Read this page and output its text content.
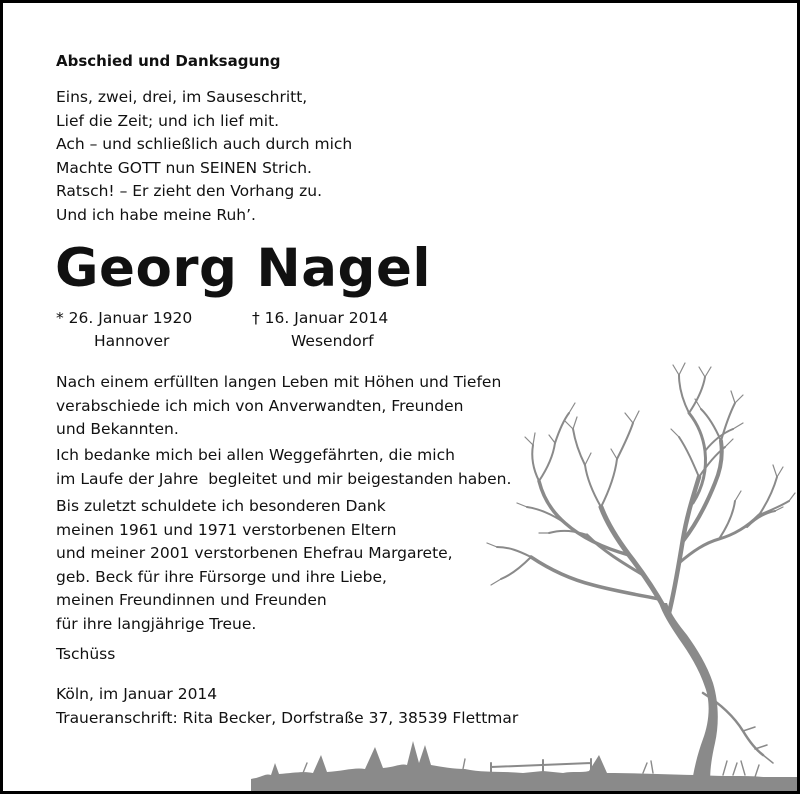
Abschied und Danksagung

Eins, zwei, drei, im Sauseschritt,
Lief die Zeit; und ich lief mit.
Ach – und schließlich auch durch mich
Machte GOTT nun SEINEN Strich.
Ratsch! – Er zieht den Vorhang zu.
Und ich habe meine Ruh’.

Georg Nagel
* 26. Januar 1920
Hannover
† 16. Januar 2014
Wesendorf

Nach einem erfüllten langen Leben mit Höhen und Tiefen
verabschiede ich mich von Anverwandten, Freunden
und Bekannten.

Ich bedanke mich bei allen Weggefährten, die mich
im Laufe der Jahre  begleitet und mir beigestanden haben.

Bis zuletzt schuldete ich besonderen Dank
meinen 1961 und 1971 verstorbenen Eltern
und meiner 2001 verstorbenen Ehefrau Margarete,
geb. Beck für ihre Fürsorge und ihre Liebe,
meinen Freundinnen und Freunden
für ihre langjährige Treue.

Tschüss

Köln, im Januar 2014
Traueranschrift: Rita Becker, Dorfstraße 37, 38539 Flettmar
